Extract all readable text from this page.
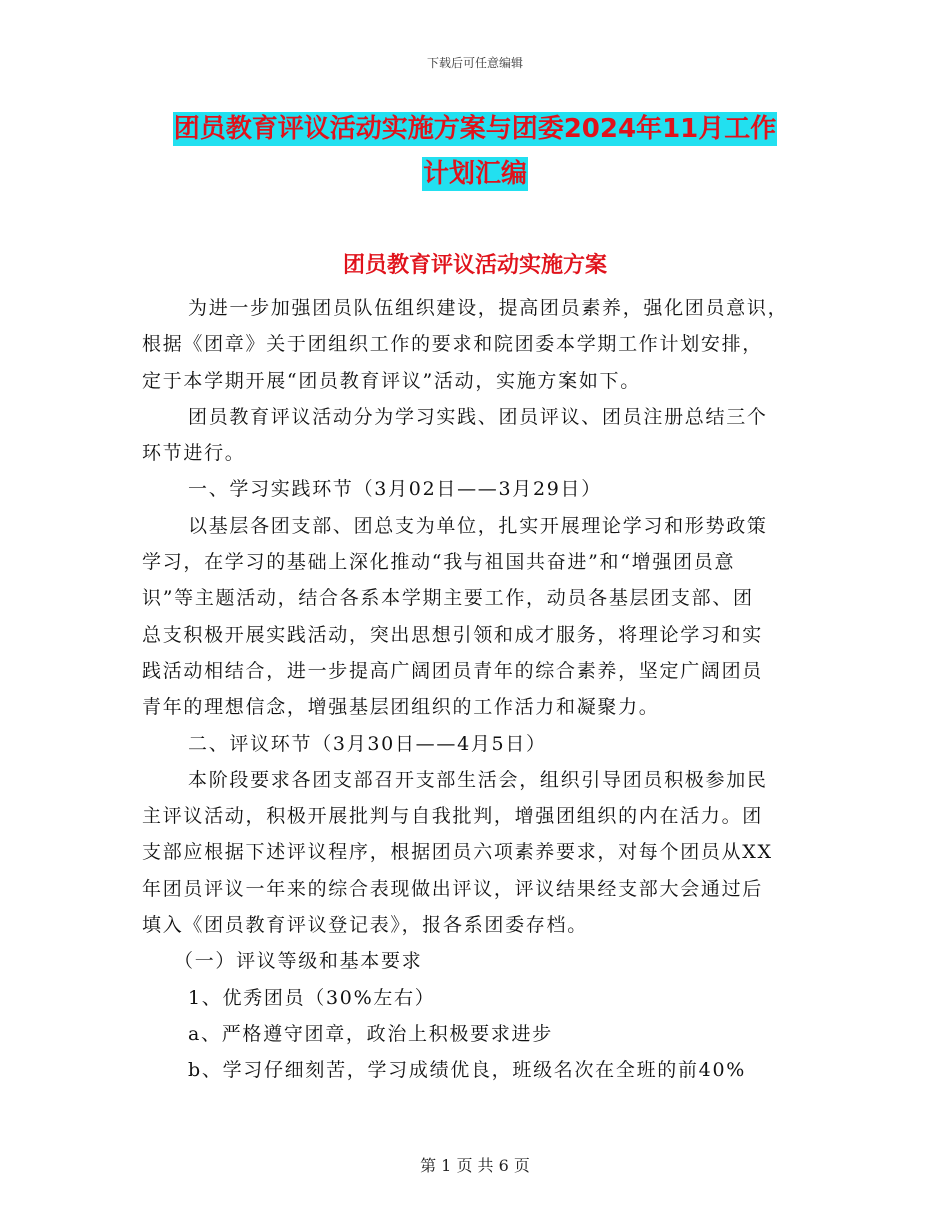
下载后可任意编辑
团员教育评议活动实施方案与团委2024年11月工作
计划汇编
团员教育评议活动实施方案

为进一步加强团员队伍组织建设，提高团员素养，强化团员意识，

根据《团章》关于团组织工作的要求和院团委本学期工作计划安排，

定于本学期开展“团员教育评议”活动，实施方案如下。

团员教育评议活动分为学习实践、团员评议、团员注册总结三个

环节进行。

一、学习实践环节（3月02日——3月29日）

以基层各团支部、团总支为单位，扎实开展理论学习和形势政策

学习，在学习的基础上深化推动“我与祖国共奋进”和“增强团员意

识”等主题活动，结合各系本学期主要工作，动员各基层团支部、团

总支积极开展实践活动，突出思想引领和成才服务，将理论学习和实

践活动相结合，进一步提高广阔团员青年的综合素养，坚定广阔团员

青年的理想信念，增强基层团组织的工作活力和凝聚力。

二、评议环节（3月30日——4月5日）

本阶段要求各团支部召开支部生活会，组织引导团员积极参加民

主评议活动，积极开展批判与自我批判，增强团组织的内在活力。团

支部应根据下述评议程序，根据团员六项素养要求，对每个团员从XX

年团员评议一年来的综合表现做出评议，评议结果经支部大会通过后

填入《团员教育评议登记表》，报各系团委存档。

（一）评议等级和基本要求

1、优秀团员（30%左右）

a、严格遵守团章，政治上积极要求进步

b、学习仔细刻苦，学习成绩优良，班级名次在全班的前40%

第 1 页 共 6 页
